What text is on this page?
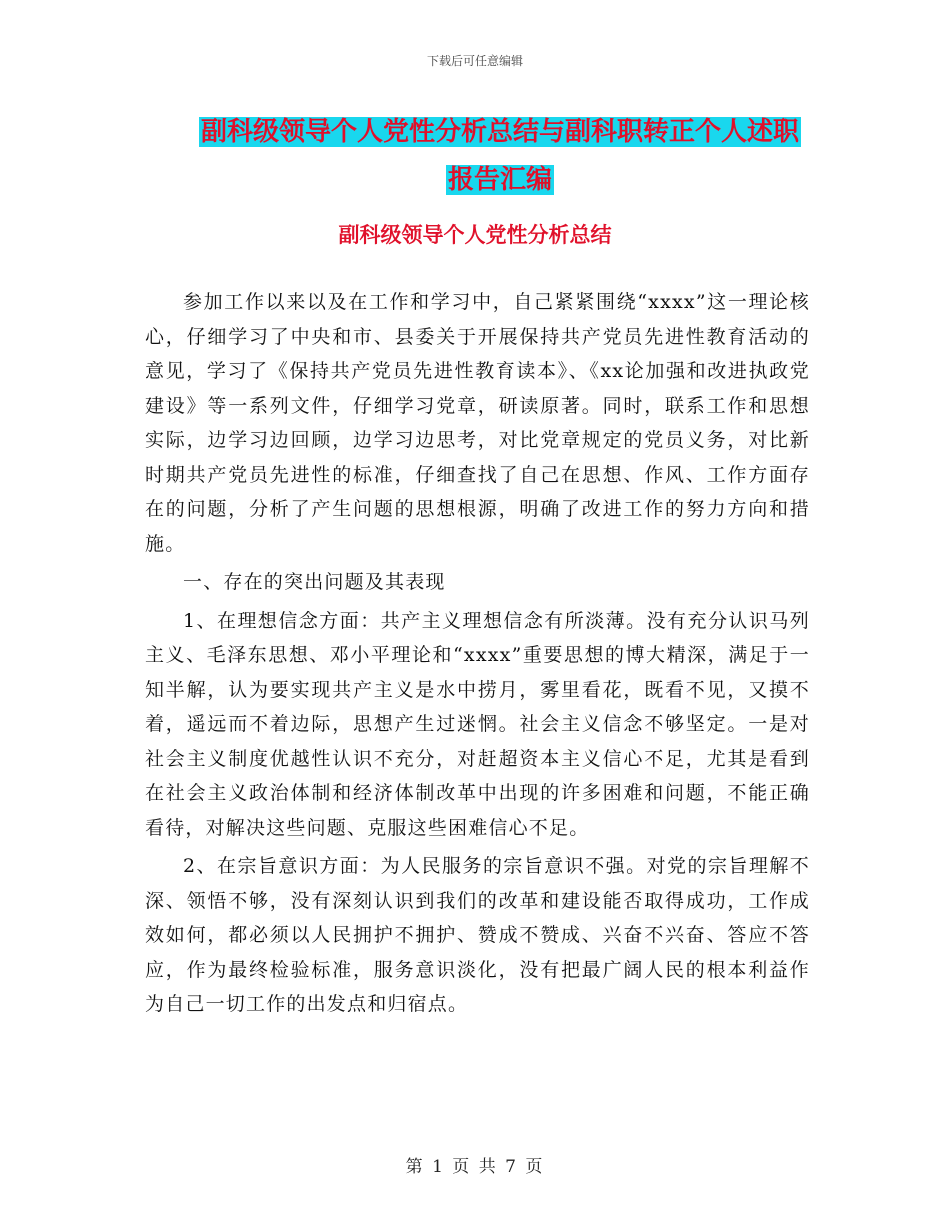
下载后可任意编辑
副科级领导个人党性分析总结与副科职转正个人述职
报告汇编
副科级领导个人党性分析总结

参加工作以来以及在工作和学习中，自己紧紧围绕“xxxx”这一理论核心，仔细学习了中央和市、县委关于开展保持共产党员先进性教育活动的意见，学习了《保持共产党员先进性教育读本》、《xx论加强和改进执政党建设》等一系列文件，仔细学习党章，研读原著。同时，联系工作和思想实际，边学习边回顾，边学习边思考，对比党章规定的党员义务，对比新时期共产党员先进性的标准，仔细查找了自己在思想、作风、工作方面存在的问题，分析了产生问题的思想根源，明确了改进工作的努力方向和措施。

一、存在的突出问题及其表现

1、在理想信念方面：共产主义理想信念有所淡薄。没有充分认识马列主义、毛泽东思想、邓小平理论和“xxxx”重要思想的博大精深，满足于一知半解，认为要实现共产主义是水中捞月，雾里看花，既看不见，又摸不着，遥远而不着边际，思想产生过迷惘。社会主义信念不够坚定。一是对社会主义制度优越性认识不充分，对赶超资本主义信心不足，尤其是看到在社会主义政治体制和经济体制改革中出现的许多困难和问题，不能正确看待，对解决这些问题、克服这些困难信心不足。

2、在宗旨意识方面：为人民服务的宗旨意识不强。对党的宗旨理解不深、领悟不够，没有深刻认识到我们的改革和建设能否取得成功，工作成效如何，都必须以人民拥护不拥护、赞成不赞成、兴奋不兴奋、答应不答应，作为最终检验标准，服务意识淡化，没有把最广阔人民的根本利益作为自己一切工作的出发点和归宿点。

第 1 页 共 7 页
